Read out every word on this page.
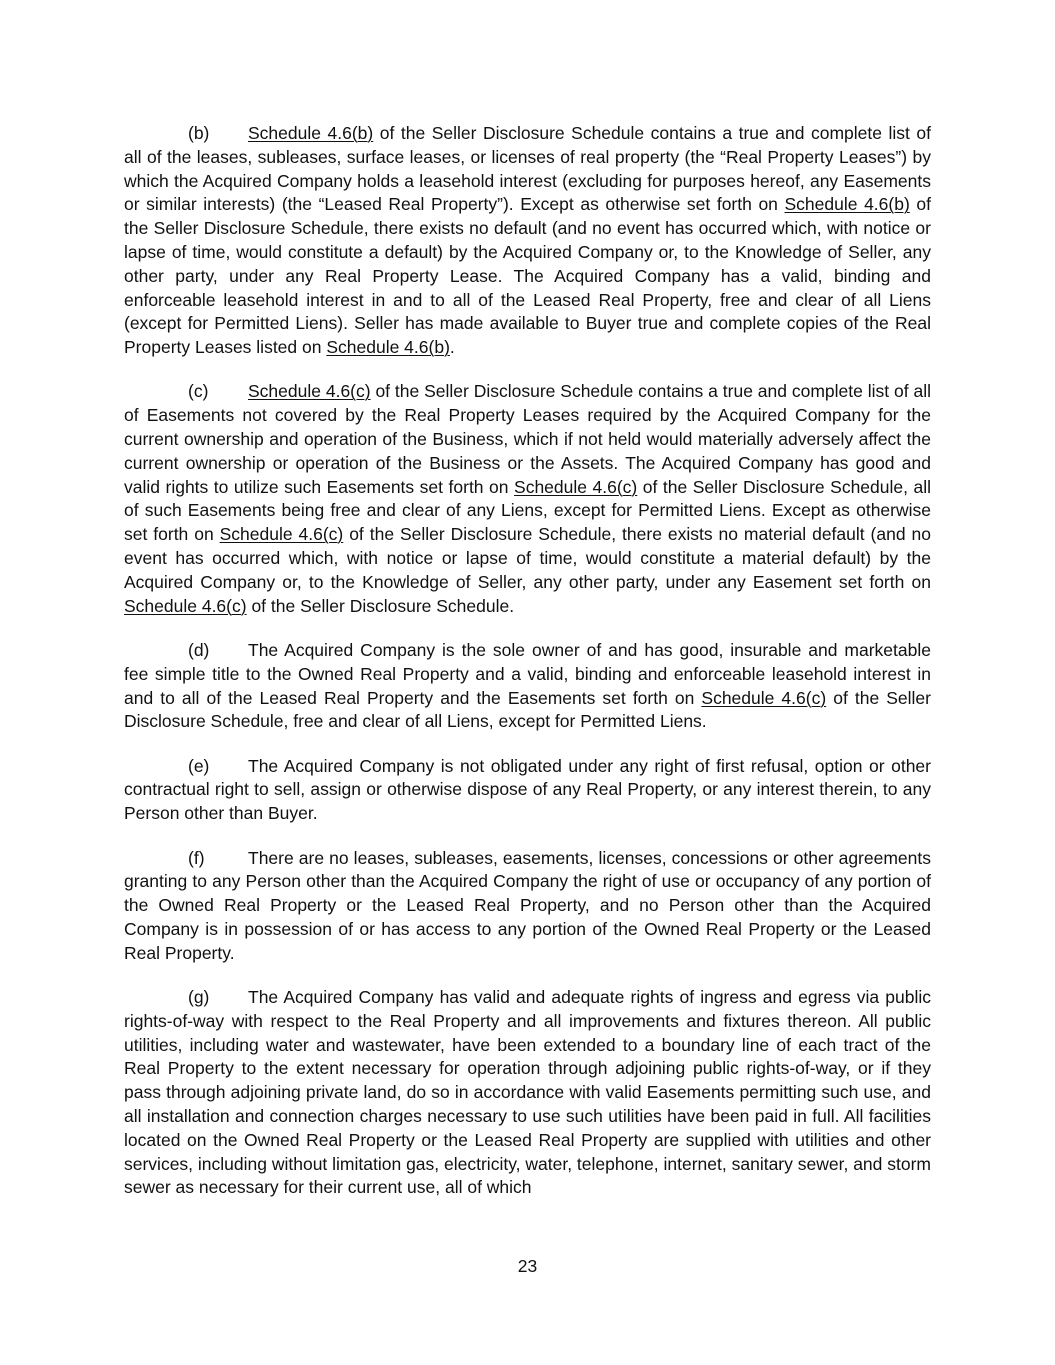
(b) Schedule 4.6(b) of the Seller Disclosure Schedule contains a true and complete list of all of the leases, subleases, surface leases, or licenses of real property (the “Real Property Leases”) by which the Acquired Company holds a leasehold interest (excluding for purposes hereof, any Easements or similar interests) (the “Leased Real Property”). Except as otherwise set forth on Schedule 4.6(b) of the Seller Disclosure Schedule, there exists no default (and no event has occurred which, with notice or lapse of time, would constitute a default) by the Acquired Company or, to the Knowledge of Seller, any other party, under any Real Property Lease. The Acquired Company has a valid, binding and enforceable leasehold interest in and to all of the Leased Real Property, free and clear of all Liens (except for Permitted Liens). Seller has made available to Buyer true and complete copies of the Real Property Leases listed on Schedule 4.6(b).

(c) Schedule 4.6(c) of the Seller Disclosure Schedule contains a true and complete list of all of Easements not covered by the Real Property Leases required by the Acquired Company for the current ownership and operation of the Business, which if not held would materially adversely affect the current ownership or operation of the Business or the Assets. The Acquired Company has good and valid rights to utilize such Easements set forth on Schedule 4.6(c) of the Seller Disclosure Schedule, all of such Easements being free and clear of any Liens, except for Permitted Liens. Except as otherwise set forth on Schedule 4.6(c) of the Seller Disclosure Schedule, there exists no material default (and no event has occurred which, with notice or lapse of time, would constitute a material default) by the Acquired Company or, to the Knowledge of Seller, any other party, under any Easement set forth on Schedule 4.6(c) of the Seller Disclosure Schedule.

(d) The Acquired Company is the sole owner of and has good, insurable and marketable fee simple title to the Owned Real Property and a valid, binding and enforceable leasehold interest in and to all of the Leased Real Property and the Easements set forth on Schedule 4.6(c) of the Seller Disclosure Schedule, free and clear of all Liens, except for Permitted Liens.

(e) The Acquired Company is not obligated under any right of first refusal, option or other contractual right to sell, assign or otherwise dispose of any Real Property, or any interest therein, to any Person other than Buyer.

(f) There are no leases, subleases, easements, licenses, concessions or other agreements granting to any Person other than the Acquired Company the right of use or occupancy of any portion of the Owned Real Property or the Leased Real Property, and no Person other than the Acquired Company is in possession of or has access to any portion of the Owned Real Property or the Leased Real Property.

(g) The Acquired Company has valid and adequate rights of ingress and egress via public rights-of-way with respect to the Real Property and all improvements and fixtures thereon. All public utilities, including water and wastewater, have been extended to a boundary line of each tract of the Real Property to the extent necessary for operation through adjoining public rights-of-way, or if they pass through adjoining private land, do so in accordance with valid Easements permitting such use, and all installation and connection charges necessary to use such utilities have been paid in full. All facilities located on the Owned Real Property or the Leased Real Property are supplied with utilities and other services, including without limitation gas, electricity, water, telephone, internet, sanitary sewer, and storm sewer as necessary for their current use, all of which

23
